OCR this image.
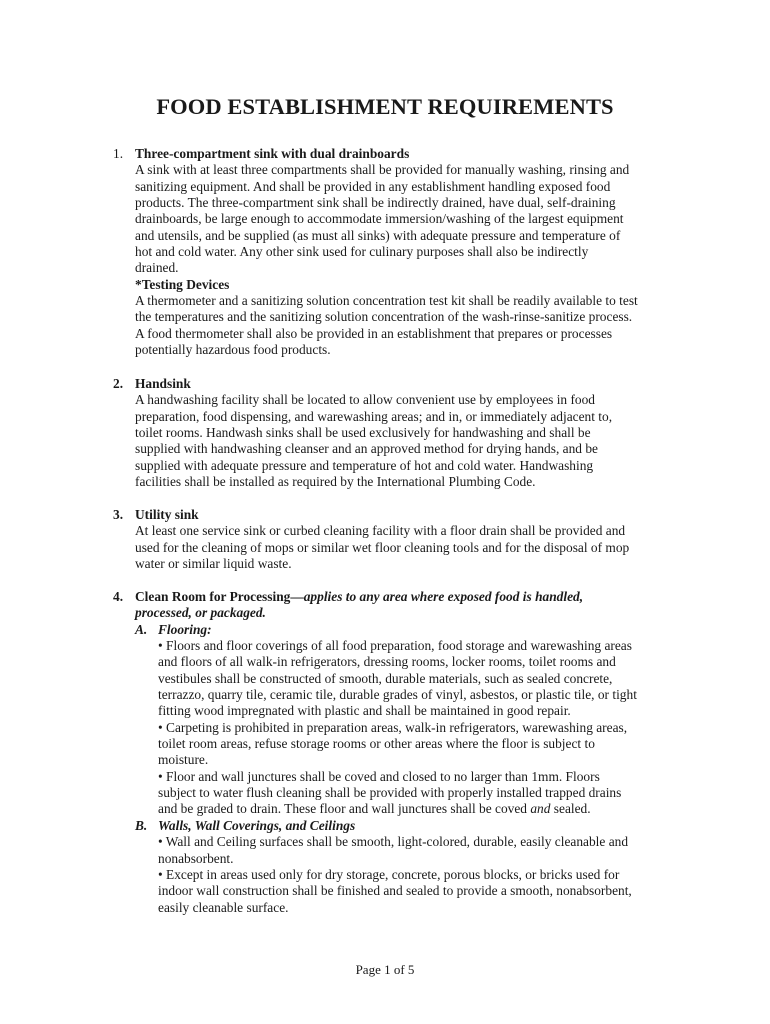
FOOD ESTABLISHMENT REQUIREMENTS
1. Three-compartment sink with dual drainboards
A sink with at least three compartments shall be provided for manually washing, rinsing and
sanitizing equipment. And shall be provided in any establishment handling exposed food
products. The three-compartment sink shall be indirectly drained, have dual, self-draining
drainboards, be large enough to accommodate immersion/washing of the largest equipment
and utensils, and be supplied (as must all sinks) with adequate pressure and temperature of
hot and cold water. Any other sink used for culinary purposes shall also be indirectly
drained.
*Testing Devices
A thermometer and a sanitizing solution concentration test kit shall be readily available to test
the temperatures and the sanitizing solution concentration of the wash-rinse-sanitize process.
A food thermometer shall also be provided in an establishment that prepares or processes
potentially hazardous food products.
2. Handsink
A handwashing facility shall be located to allow convenient use by employees in food
preparation, food dispensing, and warewashing areas; and in, or immediately adjacent to,
toilet rooms. Handwash sinks shall be used exclusively for handwashing and shall be
supplied with handwashing cleanser and an approved method for drying hands, and be
supplied with adequate pressure and temperature of hot and cold water. Handwashing
facilities shall be installed as required by the International Plumbing Code.
3. Utility sink
At least one service sink or curbed cleaning facility with a floor drain shall be provided and
used for the cleaning of mops or similar wet floor cleaning tools and for the disposal of mop
water or similar liquid waste.
4. Clean Room for Processing—applies to any area where exposed food is handled,
processed, or packaged.
A. Flooring:
• Floors and floor coverings of all food preparation, food storage and warewashing areas
and floors of all walk-in refrigerators, dressing rooms, locker rooms, toilet rooms and
vestibules shall be constructed of smooth, durable materials, such as sealed concrete,
terrazzo, quarry tile, ceramic tile, durable grades of vinyl, asbestos, or plastic tile, or tight
fitting wood impregnated with plastic and shall be maintained in good repair.
• Carpeting is prohibited in preparation areas, walk-in refrigerators, warewashing areas,
toilet room areas, refuse storage rooms or other areas where the floor is subject to
moisture.
• Floor and wall junctures shall be coved and closed to no larger than 1mm. Floors
subject to water flush cleaning shall be provided with properly installed trapped drains
and be graded to drain. These floor and wall junctures shall be coved and sealed.
B. Walls, Wall Coverings, and Ceilings
• Wall and Ceiling surfaces shall be smooth, light-colored, durable, easily cleanable and
nonabsorbent.
• Except in areas used only for dry storage, concrete, porous blocks, or bricks used for
indoor wall construction shall be finished and sealed to provide a smooth, nonabsorbent,
easily cleanable surface.
Page 1 of 5
